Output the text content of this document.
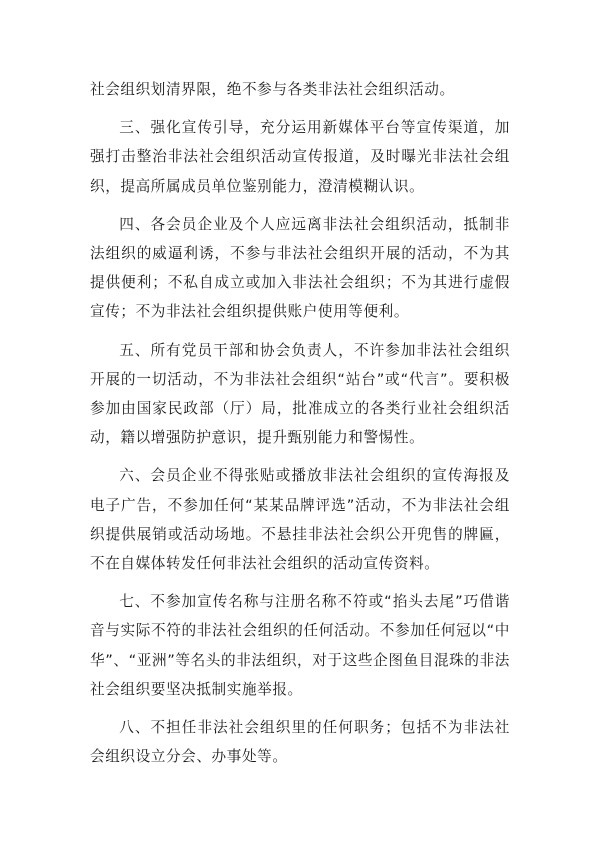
社会组织划清界限，绝不参与各类非法社会组织活动。

三、强化宣传引导，充分运用新媒体平台等宣传渠道，加强打击整治非法社会组织活动宣传报道，及时曝光非法社会组织，提高所属成员单位鉴别能力，澄清模糊认识。

四、各会员企业及个人应远离非法社会组织活动，抵制非法组织的威逼利诱，不参与非法社会组织开展的活动，不为其提供便利；不私自成立或加入非法社会组织；不为其进行虚假宣传；不为非法社会组织提供账户使用等便利。

五、所有党员干部和协会负责人，不许参加非法社会组织开展的一切活动，不为非法社会组织“站台”或“代言”。要积极参加由国家民政部（厅）局，批准成立的各类行业社会组织活动，籍以增强防护意识，提升甄别能力和警惕性。

六、会员企业不得张贴或播放非法社会组织的宣传海报及电子广告，不参加任何“某某品牌评选”活动，不为非法社会组织提供展销或活动场地。不悬挂非法社会织公开兜售的牌匾，不在自媒体转发任何非法社会组织的活动宣传资料。

七、不参加宣传名称与注册名称不符或“掐头去尾”巧借谐音与实际不符的非法社会组织的任何活动。不参加任何冠以“中华”、“亚洲”等名头的非法组织，对于这些企图鱼目混珠的非法社会组织要坚决抵制实施举报。

八、不担任非法社会组织里的任何职务；包括不为非法社会组织设立分会、办事处等。
